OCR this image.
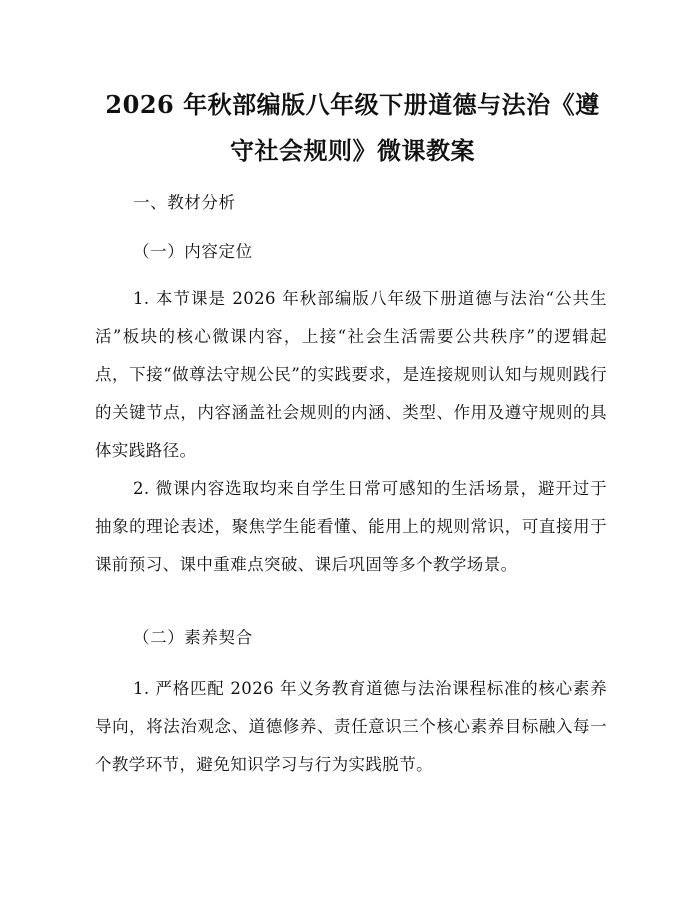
2026 年秋部编版八年级下册道德与法治《遵
守社会规则》微课教案
一、教材分析
（一）内容定位
1. 本节课是 2026 年秋部编版八年级下册道德与法治“公共生活”板块的核心微课内容，上接“社会生活需要公共秩序”的逻辑起点，下接“做尊法守规公民”的实践要求，是连接规则认知与规则践行的关键节点，内容涵盖社会规则的内涵、类型、作用及遵守规则的具体实践路径。
2. 微课内容选取均来自学生日常可感知的生活场景，避开过于抽象的理论表述，聚焦学生能看懂、能用上的规则常识，可直接用于课前预习、课中重难点突破、课后巩固等多个教学场景。
（二）素养契合
1. 严格匹配 2026 年义务教育道德与法治课程标准的核心素养导向，将法治观念、道德修养、责任意识三个核心素养目标融入每一个教学环节，避免知识学习与行为实践脱节。
